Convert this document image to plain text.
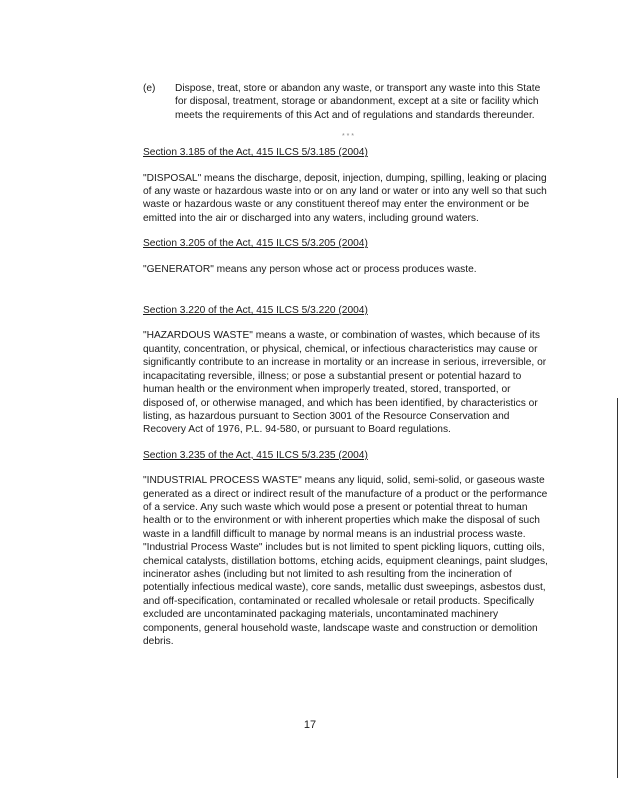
(e)	Dispose, treat, store or abandon any waste, or transport any waste into this State for disposal, treatment, storage or abandonment, except at a site or facility which meets the requirements of this Act and of regulations and standards thereunder.
* * *
Section 3.185 of the Act, 415 ILCS 5/3.185 (2004)
"DISPOSAL" means the discharge, deposit, injection, dumping, spilling, leaking or placing of any waste or hazardous waste into or on any land or water or into any well so that such waste or hazardous waste or any constituent thereof may enter the environment or be emitted into the air or discharged into any waters, including ground waters.
Section 3.205 of the Act, 415 ILCS 5/3.205 (2004)
"GENERATOR" means any person whose act or process produces waste.
Section 3.220 of the Act, 415 ILCS 5/3.220 (2004)
"HAZARDOUS WASTE" means a waste, or combination of wastes, which because of its quantity, concentration, or physical, chemical, or infectious characteristics may cause or significantly contribute to an increase in mortality or an increase in serious, irreversible, or incapacitating reversible, illness; or pose a substantial present or potential hazard to human health or the environment when improperly treated, stored, transported, or disposed of, or otherwise managed, and which has been identified, by characteristics or listing, as hazardous pursuant to Section 3001 of the Resource Conservation and Recovery Act of 1976, P.L. 94-580, or pursuant to Board regulations.
Section 3.235 of the Act, 415 ILCS 5/3.235 (2004)
"INDUSTRIAL PROCESS WASTE" means any liquid, solid, semi-solid, or gaseous waste generated as a direct or indirect result of the manufacture of a product or the performance of a service. Any such waste which would pose a present or potential threat to human health or to the environment or with inherent properties which make the disposal of such waste in a landfill difficult to manage by normal means is an industrial process waste. "Industrial Process Waste" includes but is not limited to spent pickling liquors, cutting oils, chemical catalysts, distillation bottoms, etching acids, equipment cleanings, paint sludges, incinerator ashes (including but not limited to ash resulting from the incineration of potentially infectious medical waste), core sands, metallic dust sweepings, asbestos dust, and off-specification, contaminated or recalled wholesale or retail products. Specifically excluded are uncontaminated packaging materials, uncontaminated machinery components, general household waste, landscape waste and construction or demolition debris.
17
